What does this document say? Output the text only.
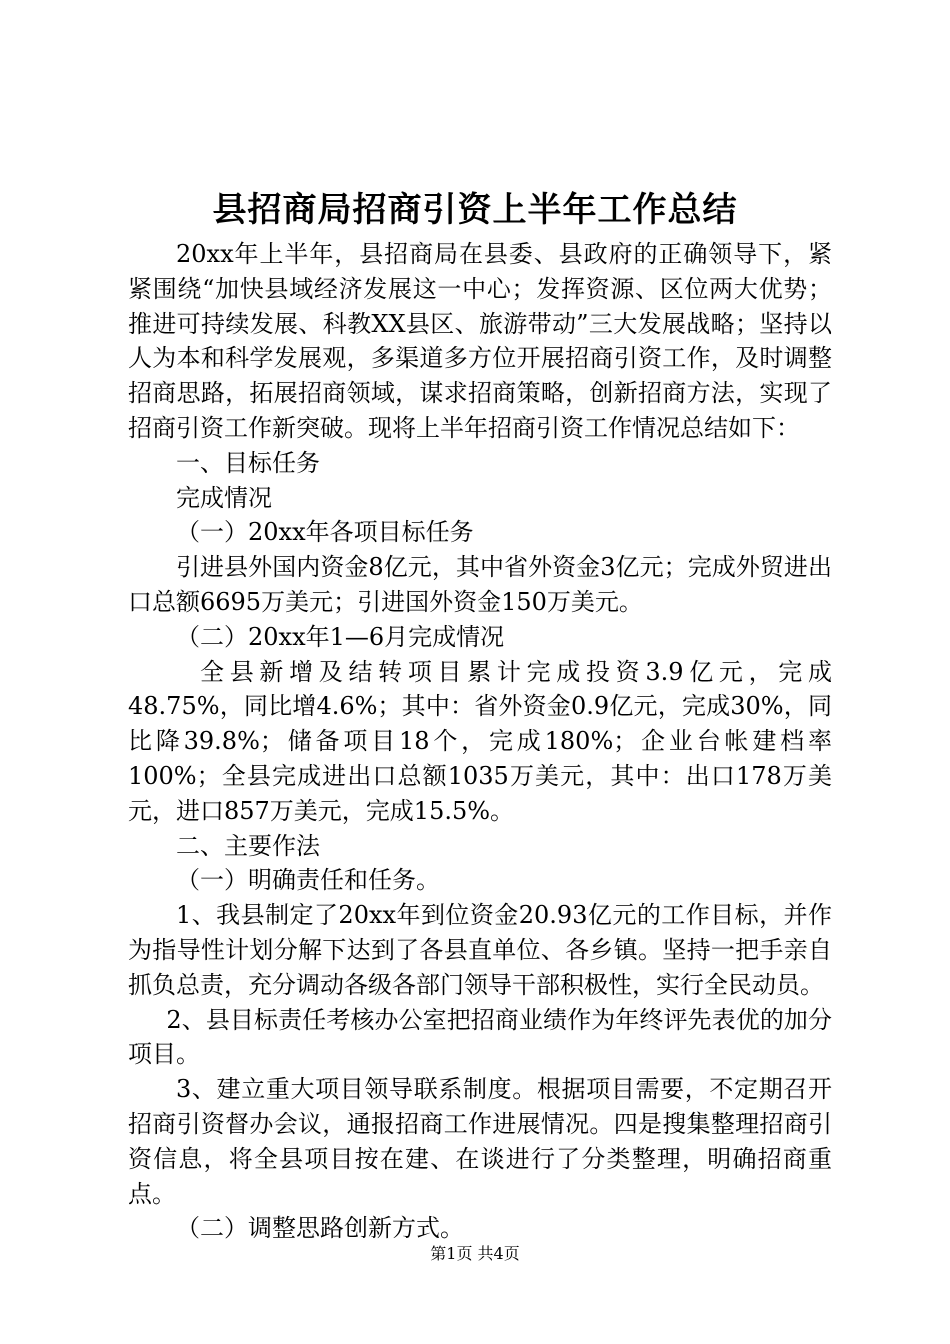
县招商局招商引资上半年工作总结

20xx年上半年，县招商局在县委、县政府的正确领导下，紧紧围绕“加快县域经济发展这一中心；发挥资源、区位两大优势；推进可持续发展、科教XX县区、旅游带动”三大发展战略；坚持以人为本和科学发展观，多渠道多方位开展招商引资工作，及时调整招商思路，拓展招商领域，谋求招商策略，创新招商方法，实现了招商引资工作新突破。现将上半年招商引资工作情况总结如下：

一、目标任务

完成情况

（一）20xx年各项目标任务

引进县外国内资金8亿元，其中省外资金3亿元；完成外贸进出口总额6695万美元；引进国外资金150万美元。

（二）20xx年1—6月完成情况

全县新增及结转项目累计完成投资3.9亿元，完成48.75%，同比增4.6%；其中：省外资金0.9亿元，完成30%，同比降39.8%；储备项目18个，完成180%；企业台帐建档率100%；全县完成进出口总额1035万美元，其中：出口178万美元，进口857万美元，完成15.5%。

二、主要作法

（一）明确责任和任务。

1、我县制定了20xx年到位资金20.93亿元的工作目标，并作为指导性计划分解下达到了各县直单位、各乡镇。坚持一把手亲自抓负总责，充分调动各级各部门领导干部积极性，实行全民动员。

2、县目标责任考核办公室把招商业绩作为年终评先表优的加分项目。

3、建立重大项目领导联系制度。根据项目需要，不定期召开招商引资督办会议，通报招商工作进展情况。四是搜集整理招商引资信息，将全县项目按在建、在谈进行了分类整理，明确招商重点。

（二）调整思路创新方式。

第1页 共4页
